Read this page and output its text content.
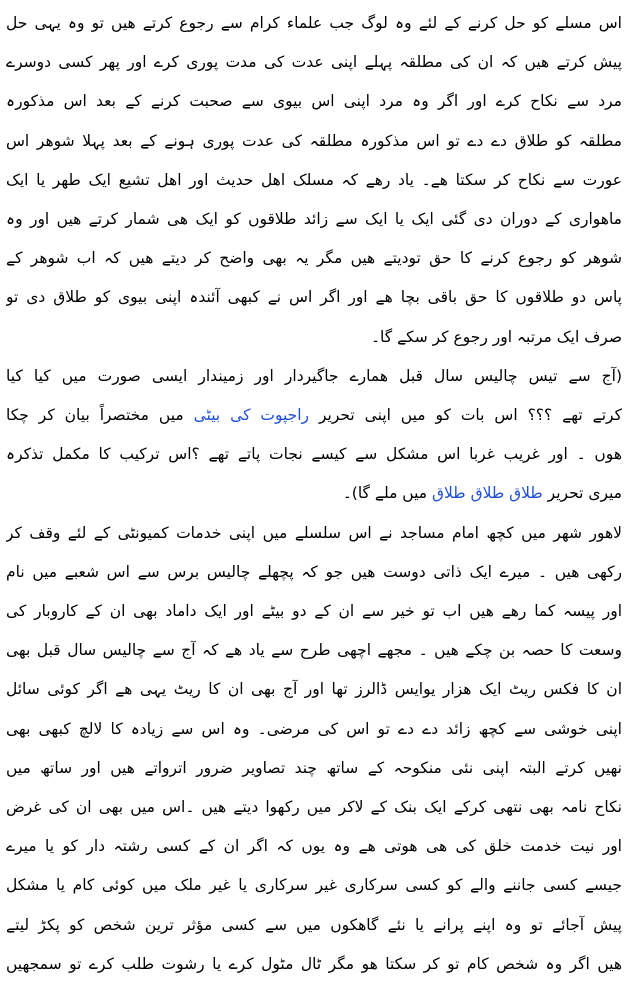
اس مسلے کو حل کرنے کے لئے وہ لوگ جب علماء کرام سے رجوع کرتے ھیں تو وہ یہی حل
پیش کرتے ھیں کہ ان کی مطلقہ پہلے اپنی عدت کی مدت پوری کرے اور پھر کسی دوسرے
مرد سے نکاح کرے اور اگر وہ مرد اپنی اس بیوی سے صحبت کرنے کے بعد اس مذکورہ
مطلقہ کو طلاق دے دے تو اس مذکورہ مطلقہ کی عدت پوری ہونے کے بعد پہلا شوھر اس
عورت سے نکاح کر سکتا ھے۔ یاد رھے کہ مسلک اھل حدیث اور اھل تشیع ایک طھر یا ایک
ماھواری کے دوران دی گئی ایک یا ایک سے زائد طلاقوں کو ایک ھی شمار کرتے ھیں اور وہ
شوھر کو رجوع کرنے کا حق تودیتے ھیں مگر یہ بھی واضح کر دیتے ھیں کہ اب شوھر کے
پاس دو طلاقوں کا حق باقی بچا ھے اور اگر اس نے کبھی آئندہ اپنی بیوی کو طلاق دی تو
صرف ایک مرتبہ اور رجوع کر سکے گا۔
(آج سے تیس چالیس سال قبل ھمارے جاگیردار اور زمیندار ایسی صورت میں کیا کیا
کرتے تھے ؟؟؟ اس بات کو میں اپنی تحریر راجپوت کی بیٹی میں مختصراً بیان کر چکا
ھوں ۔ اور غریب غربا اس مشکل سے کیسے نجات پاتے تھے ؟اس ترکیب کا مکمل تذکرہ
میری تحریر طلاق طلاق طلاق میں ملے گا)۔
لاھور شھر میں کچھ امام مساجد نے اس سلسلے میں اپنی خدمات کمیونٹی کے لئے وقف کر
رکھی ھیں ۔ میرے ایک ذاتی دوست ھیں جو کہ پچھلے چالیس برس سے اس شعبے میں نام
اور پیسہ کما رھے ھیں اب تو خیر سے ان کے دو بیٹے اور ایک داماد بھی ان کے کاروبار کی
وسعت کا حصہ بن چکے ھیں ۔ مجھے اچھی طرح سے یاد ھے کہ آج سے چالیس سال قبل بھی
ان کا فکس ریٹ ایک ھزار یوایس ڈالرز تھا اور آج بھی ان کا ریٹ یہی ھے اگر کوئی سائل
اپنی خوشی سے کچھ زائد دے دے تو اس کی مرضی۔ وہ اس سے زیادہ کا لالچ کبھی بھی
نھیں کرتے البتہ اپنی نئی منکوحہ کے ساتھ چند تصاویر ضرور اترواتے ھیں اور ساتھ میں
نکاح نامہ بھی نتھی کرکے ایک بنک کے لاکر میں رکھوا دیتے ھیں ۔اس میں بھی ان کی غرض
اور نیت خدمت خلق کی ھی ھوتی ھے وہ یوں کہ اگر ان کے کسی رشتہ دار کو یا میرے
جیسے کسی جاننے والے کو کسی سرکاری غیر سرکاری یا غیر ملک میں کوئی کام یا مشکل
پیش آجائے تو وہ اپنے پرانے یا نئے گاھکوں میں سے کسی مؤثر ترین شخص کو پکڑ لیتے
ھیں اگر وہ شخص کام تو کر سکتا ھو مگر ٹال مٹول کرے یا رشوت طلب کرے تو سمجھیں
